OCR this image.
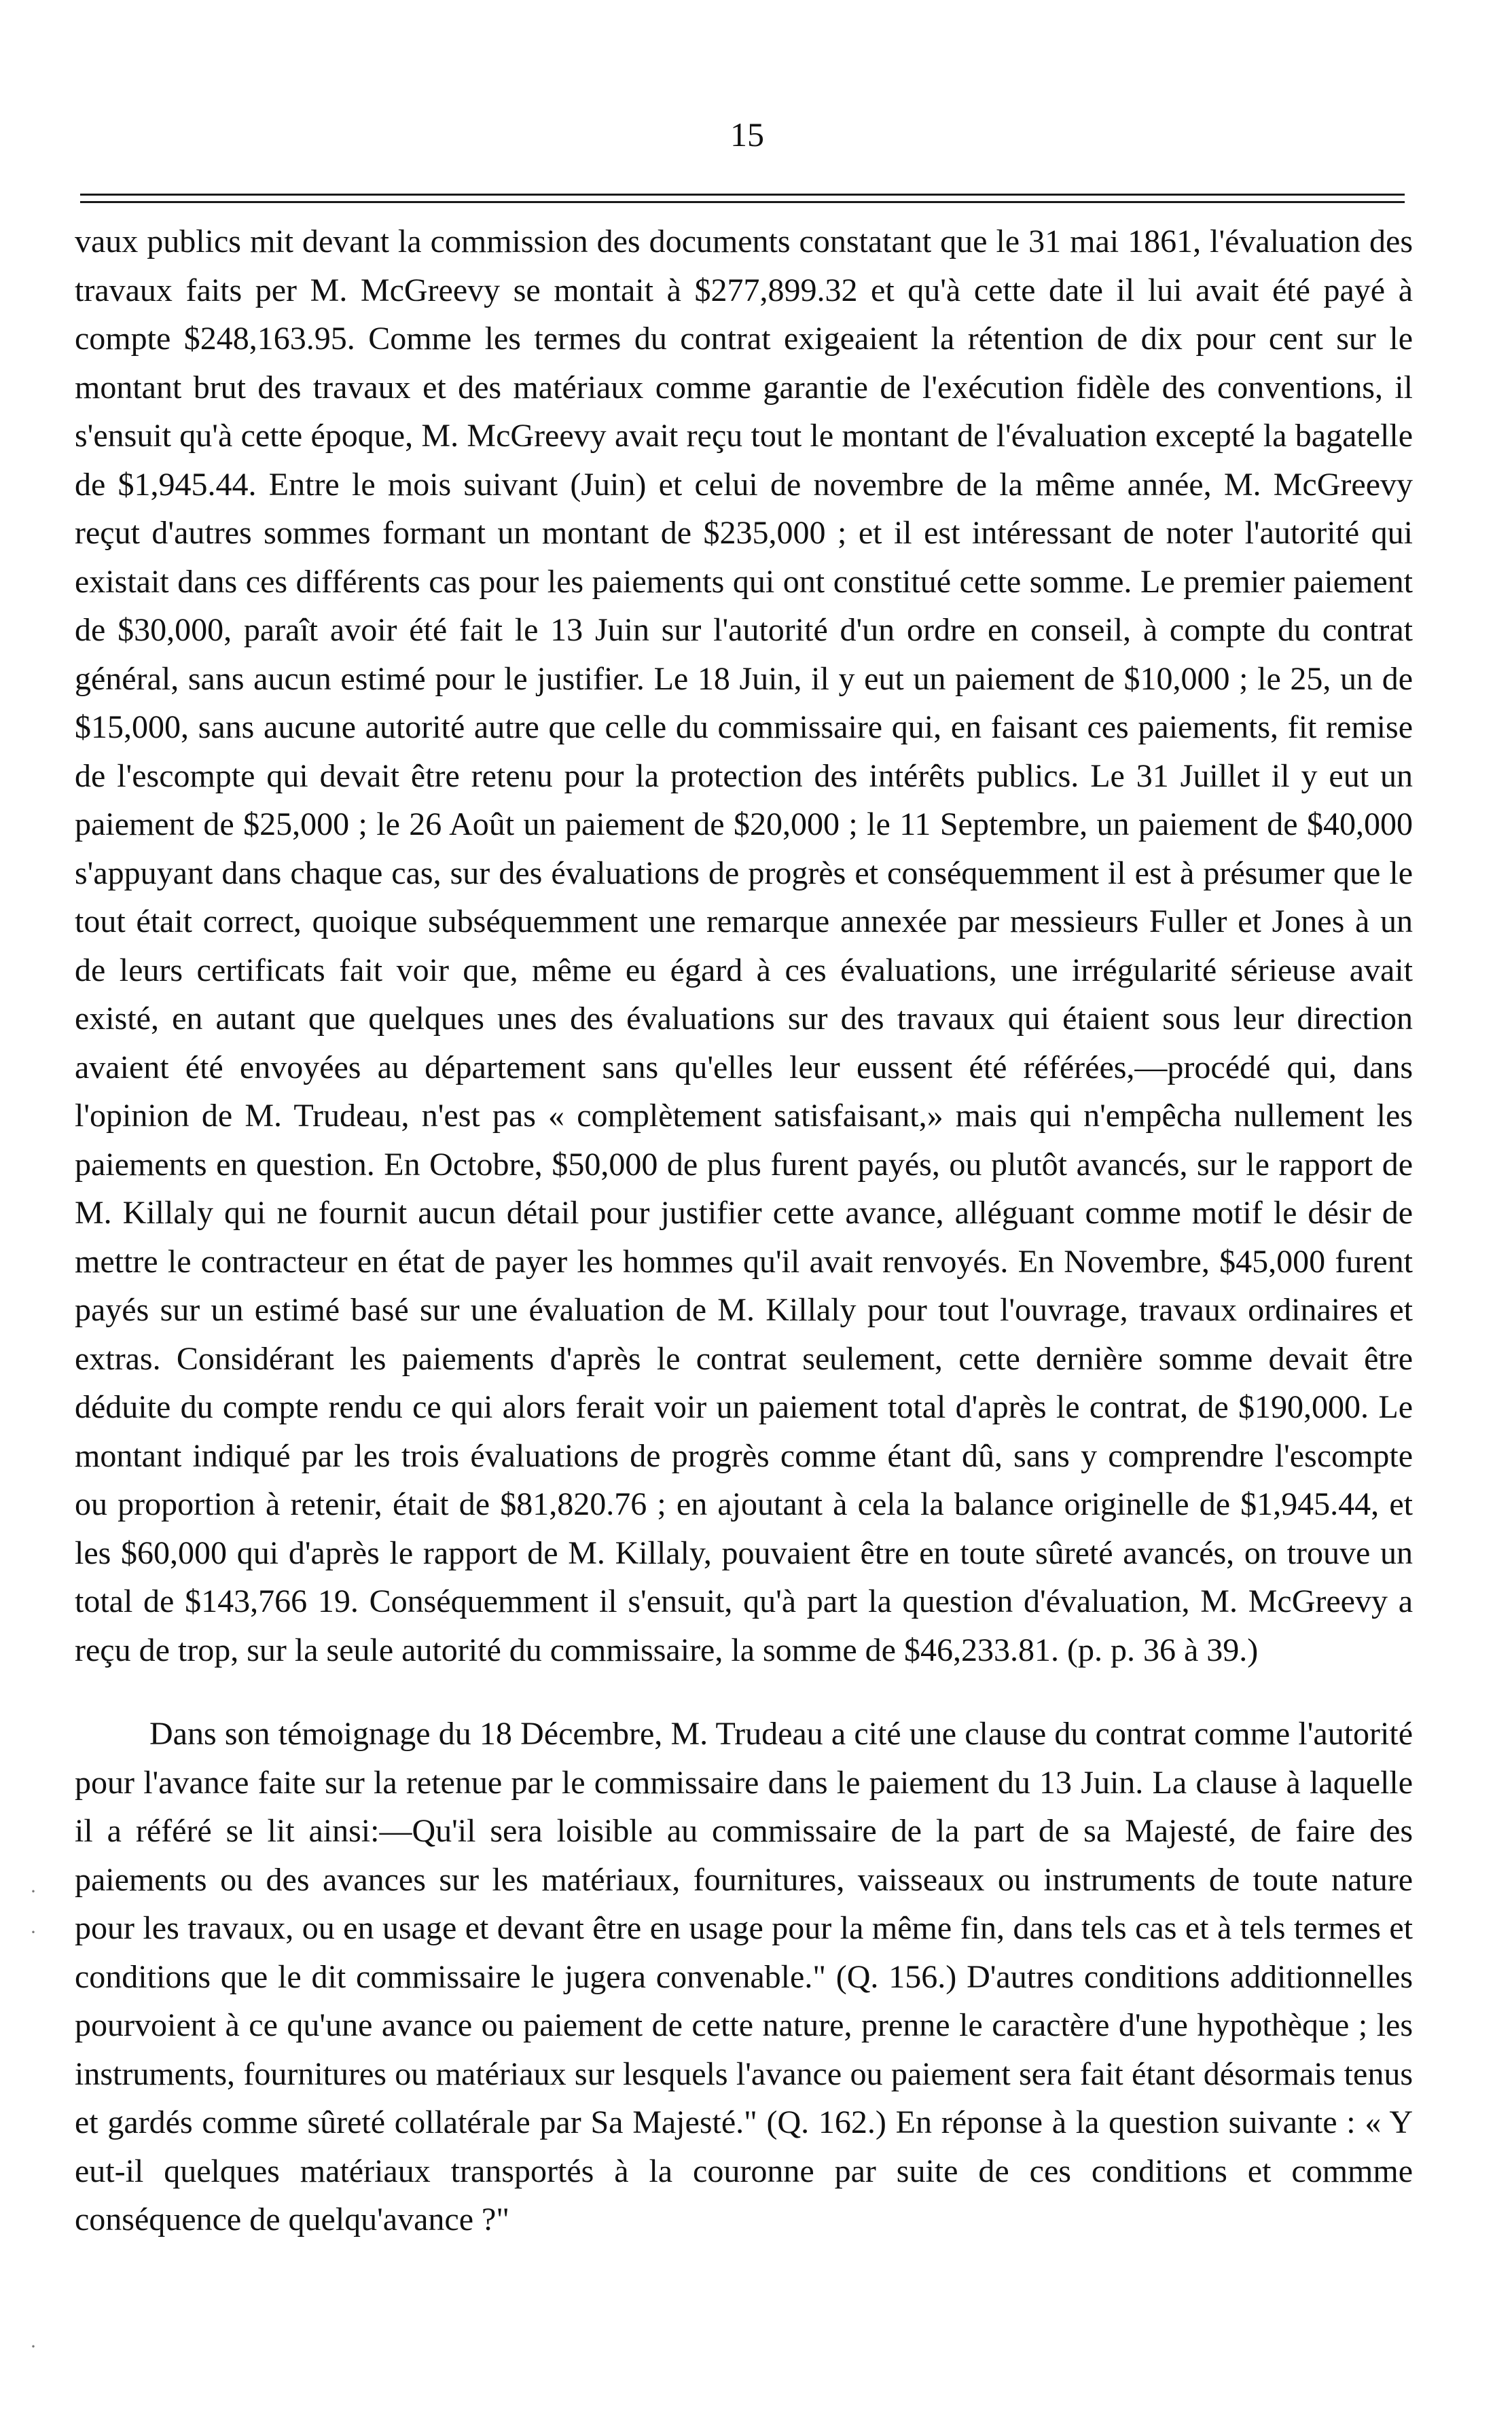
15

vaux publics mit devant la commission des documents constatant que le 31 mai 1861, l'évaluation des travaux faits per M. McGreevy se montait à $277,899.32 et qu'à cette date il lui avait été payé à compte $248,163.95. Comme les termes du contrat exigeaient la rétention de dix pour cent sur le montant brut des travaux et des matériaux comme garantie de l'exécution fidèle des conventions, il s'ensuit qu'à cette époque, M. McGreevy avait reçu tout le montant de l'évaluation excepté la bagatelle de $1,945.44. Entre le mois suivant (Juin) et celui de novembre de la même année, M. McGreevy reçut d'autres sommes formant un montant de $235,000 ; et il est intéressant de noter l'autorité qui existait dans ces différents cas pour les paiements qui ont constitué cette somme. Le premier paiement de $30,000, paraît avoir été fait le 13 Juin sur l'autorité d'un ordre en conseil, à compte du contrat général, sans aucun estimé pour le justifier. Le 18 Juin, il y eut un paiement de $10,000 ; le 25, un de $15,000, sans aucune autorité autre que celle du commissaire qui, en faisant ces paiements, fit remise de l'escompte qui devait être retenu pour la protection des intérêts publics. Le 31 Juillet il y eut un paiement de $25,000 ; le 26 Août un paiement de $20,000 ; le 11 Septembre, un paiement de $40,000 s'appuyant dans chaque cas, sur des évaluations de progrès et conséquemment il est à présumer que le tout était correct, quoique subséquemment une remarque annexée par messieurs Fuller et Jones à un de leurs certificats fait voir que, même eu égard à ces évaluations, une irrégularité sérieuse avait existé, en autant que quelques unes des évaluations sur des travaux qui étaient sous leur direction avaient été envoyées au département sans qu'elles leur eussent été référées,—procédé qui, dans l'opinion de M. Trudeau, n'est pas « complètement satisfaisant,» mais qui n'empêcha nullement les paiements en question. En Octobre, $50,000 de plus furent payés, ou plutôt avancés, sur le rapport de M. Killaly qui ne fournit aucun détail pour justifier cette avance, alléguant comme motif le désir de mettre le contracteur en état de payer les hommes qu'il avait renvoyés. En Novembre, $45,000 furent payés sur un estimé basé sur une évaluation de M. Killaly pour tout l'ouvrage, travaux ordinaires et extras. Considérant les paiements d'après le contrat seulement, cette dernière somme devait être déduite du compte rendu ce qui alors ferait voir un paiement total d'après le contrat, de $190,000. Le montant indiqué par les trois évaluations de progrès comme étant dû, sans y comprendre l'escompte ou proportion à retenir, était de $81,820.76 ; en ajoutant à cela la balance originelle de $1,945.44, et les $60,000 qui d'après le rapport de M. Killaly, pouvaient être en toute sûreté avancés, on trouve un total de $143,766 19. Conséquemment il s'ensuit, qu'à part la question d'évaluation, M. McGreevy a reçu de trop, sur la seule autorité du commissaire, la somme de $46,233.81. (p. p. 36 à 39.)

Dans son témoignage du 18 Décembre, M. Trudeau a cité une clause du contrat comme l'autorité pour l'avance faite sur la retenue par le commissaire dans le paiement du 13 Juin. La clause à laquelle il a référé se lit ainsi:—Qu'il sera loisible au commissaire de la part de sa Majesté, de faire des paiements ou des avances sur les matériaux, fournitures, vaisseaux ou instruments de toute nature pour les travaux, ou en usage et devant être en usage pour la même fin, dans tels cas et à tels termes et conditions que le dit commissaire le jugera convenable." (Q. 156.) D'autres conditions additionnelles pourvoient à ce qu'une avance ou paiement de cette nature, prenne le caractère d'une hypothèque ; les instruments, fournitures ou matériaux sur lesquels l'avance ou paiement sera fait étant désormais tenus et gardés comme sûreté collatérale par Sa Majesté." (Q. 162.) En réponse à la question suivante : « Y eut-il quelques matériaux transportés à la couronne par suite de ces conditions et commme conséquence de quelqu'avance ?"

·
·
·
